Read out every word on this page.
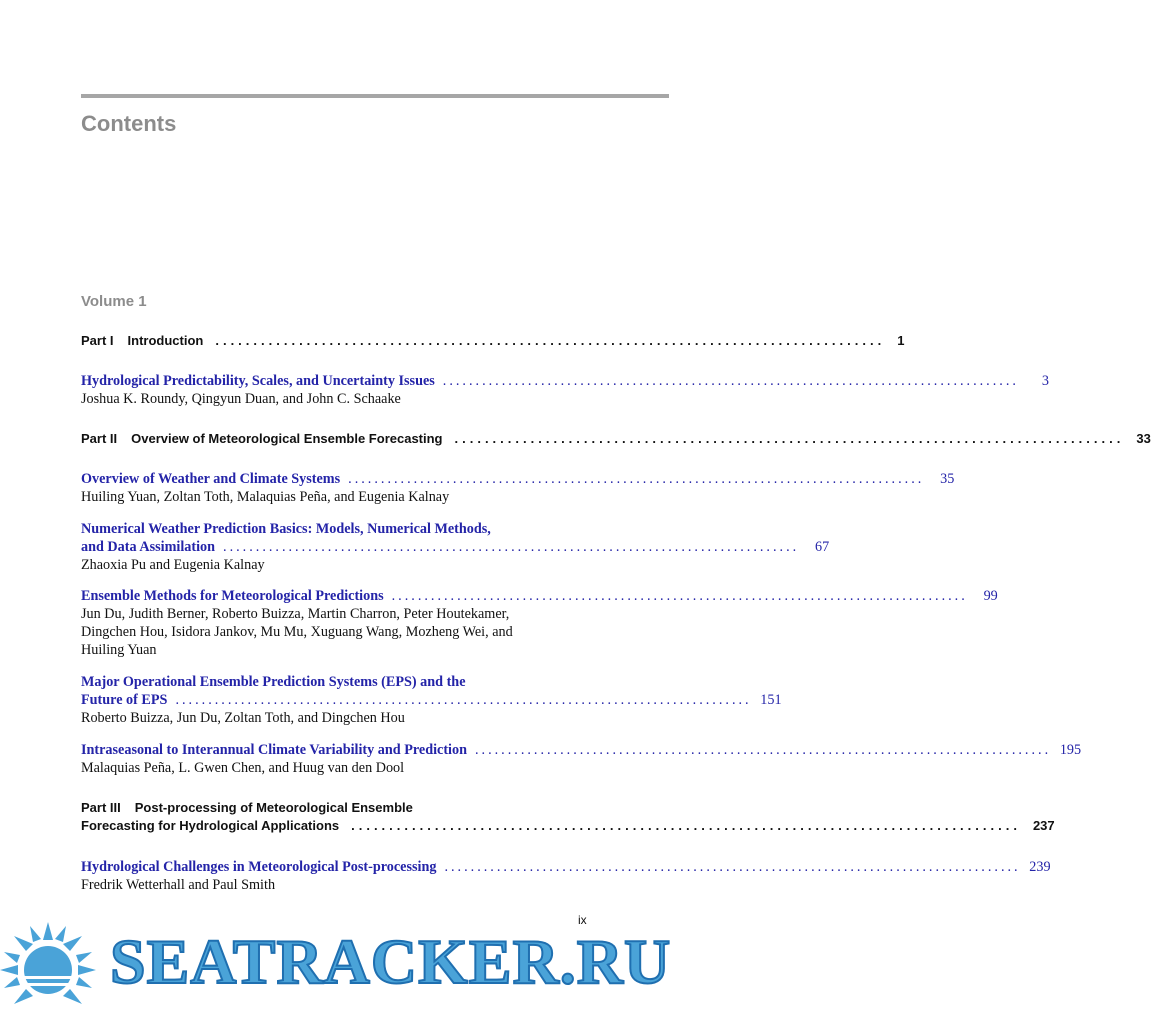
Contents
Volume 1
Part I Introduction ........................................................................................ 1
Hydrological Predictability, Scales, and Uncertainty Issues ........................................................................................	3
Joshua K. Roundy, Qingyun Duan, and John C. Schaake
Part II Overview of Meteorological Ensemble Forecasting ........................................................................................ 33
Overview of Weather and Climate Systems ........................................................................................	35
Huiling Yuan, Zoltan Toth, Malaquias Peña, and Eugenia Kalnay
Numerical Weather Prediction Basics: Models, Numerical Methods,
and Data Assimilation ........................................................................................	67
Zhaoxia Pu and Eugenia Kalnay
Ensemble Methods for Meteorological Predictions ........................................................................................	99
Jun Du, Judith Berner, Roberto Buizza, Martin Charron, Peter Houtekamer, Dingchen Hou, Isidora Jankov, Mu Mu, Xuguang Wang, Mozheng Wei, and Huiling Yuan
Major Operational Ensemble Prediction Systems (EPS) and the
Future of EPS ........................................................................................ 151
Roberto Buizza, Jun Du, Zoltan Toth, and Dingchen Hou
Intraseasonal to Interannual Climate Variability and Prediction ........................................................................................ 195
Malaquias Peña, L. Gwen Chen, and Huug van den Dool
Part III Post-processing of Meteorological Ensemble
Forecasting for Hydrological Applications ........................................................................................ 237
Hydrological Challenges in Meteorological Post-processing ........................................................................................ 239
Fredrik Wetterhall and Paul Smith
ix
SEATRACKER.RU
